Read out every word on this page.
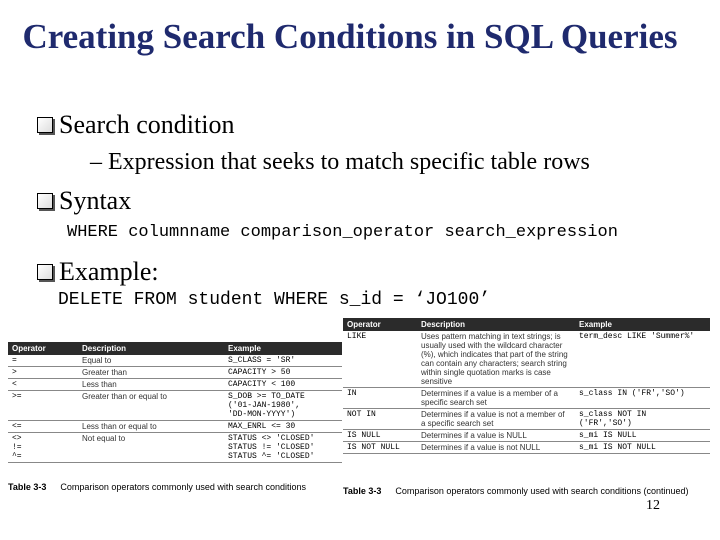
Creating Search Conditions in SQL Queries
Search condition
– Expression that seeks to match specific table rows
Syntax
WHERE columnname comparison_operator search_expression
Example:
DELETE FROM student WHERE s_id = ‘JO100’
Operator	Description	Example
=	Equal to	S_CLASS = 'SR'
>	Greater than	CAPACITY > 50
<	Less than	CAPACITY < 100
>=	Greater than or equal to	S_DOB >= TO_DATE
('01-JAN-1980',
'DD-MON-YYYY')
<=	Less than or equal to	MAX_ENRL <= 30
<>
!=
^=	Not equal to	STATUS <> 'CLOSED'
STATUS != 'CLOSED'
STATUS ^= 'CLOSED'
Table 3-3 Comparison operators commonly used with search conditions
Operator	Description	Example
LIKE	Uses pattern matching in text strings; is usually used with the wildcard character (%), which indicates that part of the string can contain any characters; search string within single quotation marks is case sensitive	term_desc LIKE 'Summer%'
IN	Determines if a value is a member of a specific search set	s_class IN ('FR','SO')
NOT IN	Determines if a value is not a member of a specific search set	s_class NOT IN
('FR','SO')
IS NULL	Determines if a value is NULL	s_mi IS NULL
IS NOT NULL	Determines if a value is not NULL	s_mi IS NOT NULL
Table 3-3 Comparison operators commonly used with search conditions (continued)
12
